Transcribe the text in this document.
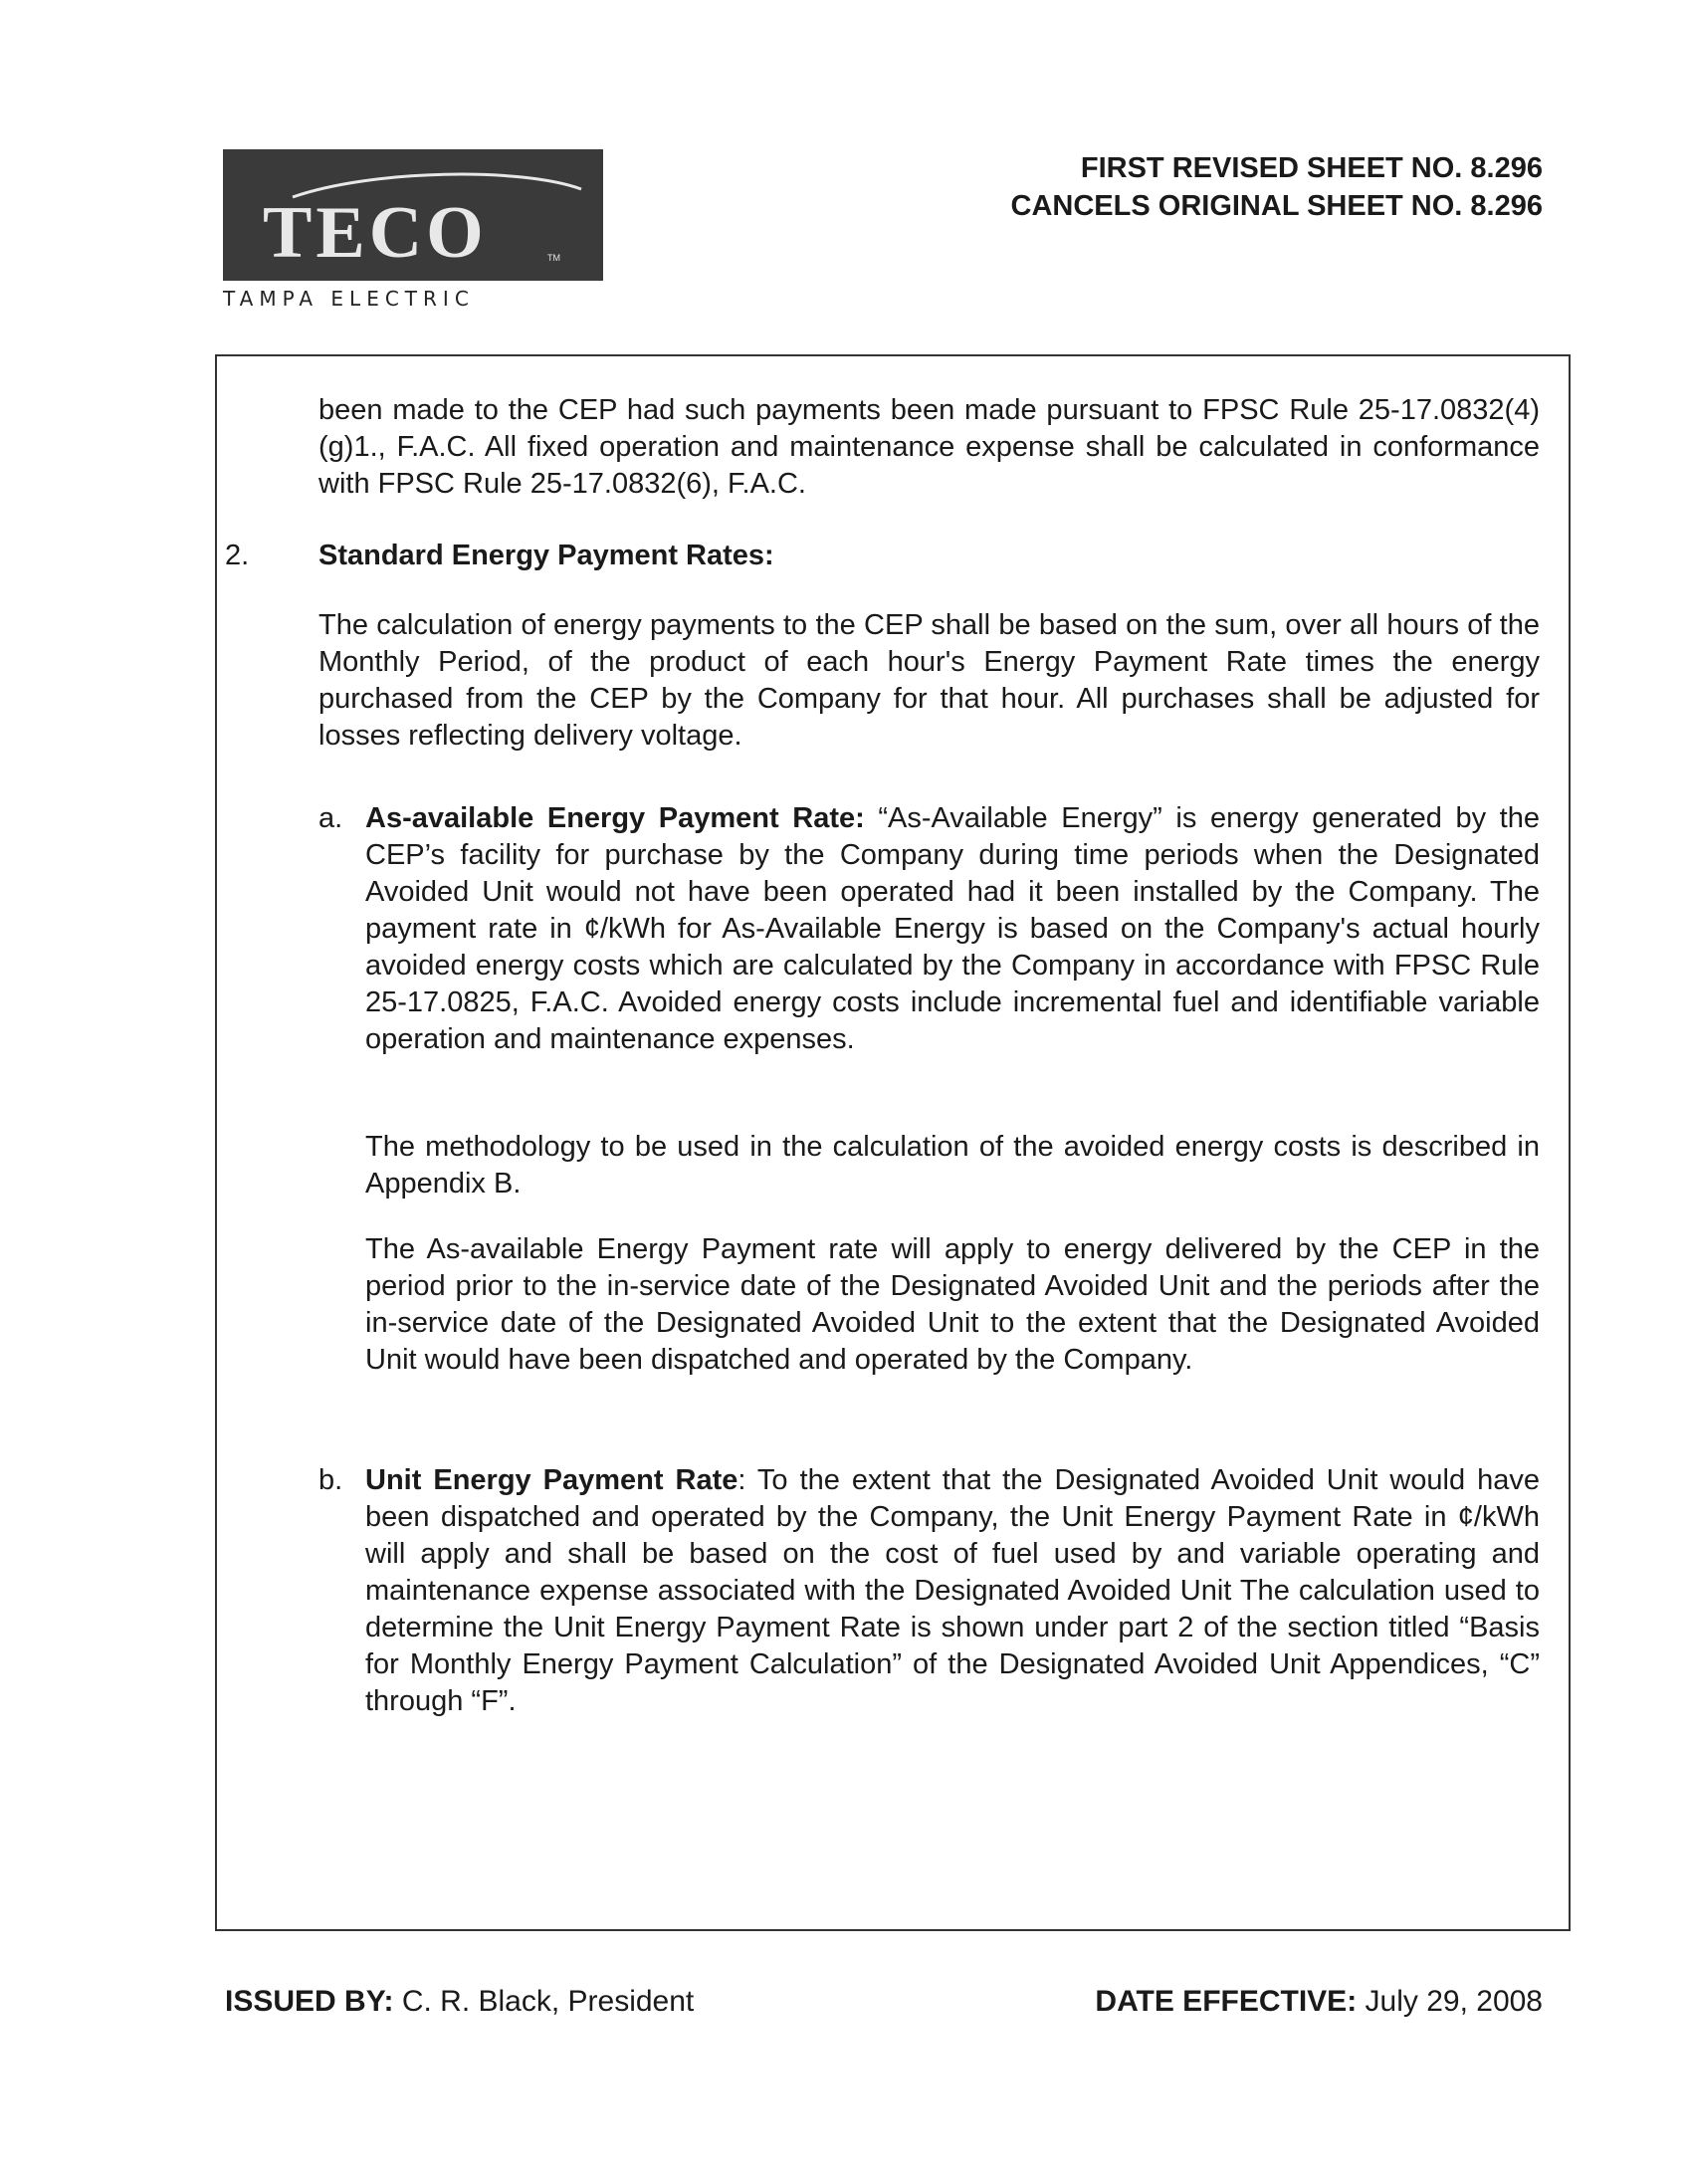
TECO	TM
TAMPA ELECTRIC
FIRST REVISED SHEET NO. 8.296
CANCELS ORIGINAL SHEET NO. 8.296

been made to the CEP had such payments been made pursuant to FPSC Rule 25-17.0832(4)(g)1., F.A.C. All fixed operation and maintenance expense shall be calculated in conformance with FPSC Rule 25-17.0832(6), F.A.C.

2. Standard Energy Payment Rates:

The calculation of energy payments to the CEP shall be based on the sum, over all hours of the Monthly Period, of the product of each hour's Energy Payment Rate times the energy purchased from the CEP by the Company for that hour. All purchases shall be adjusted for losses reflecting delivery voltage.

a. As-available Energy Payment Rate: “As-Available Energy” is energy generated by the CEP’s facility for purchase by the Company during time periods when the Designated Avoided Unit would not have been operated had it been installed by the Company. The payment rate in ¢/kWh for As-Available Energy is based on the Company's actual hourly avoided energy costs which are calculated by the Company in accordance with FPSC Rule 25-17.0825, F.A.C. Avoided energy costs include incremental fuel and identifiable variable operation and maintenance expenses.

The methodology to be used in the calculation of the avoided energy costs is described in Appendix B.

The As-available Energy Payment rate will apply to energy delivered by the CEP in the period prior to the in-service date of the Designated Avoided Unit and the periods after the in-service date of the Designated Avoided Unit to the extent that the Designated Avoided Unit would have been dispatched and operated by the Company.

b. Unit Energy Payment Rate: To the extent that the Designated Avoided Unit would have been dispatched and operated by the Company, the Unit Energy Payment Rate in ¢/kWh will apply and shall be based on the cost of fuel used by and variable operating and maintenance expense associated with the Designated Avoided Unit The calculation used to determine the Unit Energy Payment Rate is shown under part 2 of the section titled “Basis for Monthly Energy Payment Calculation” of the Designated Avoided Unit Appendices, “C” through “F”.

ISSUED BY: C. R. Black, President	DATE EFFECTIVE: July 29, 2008
